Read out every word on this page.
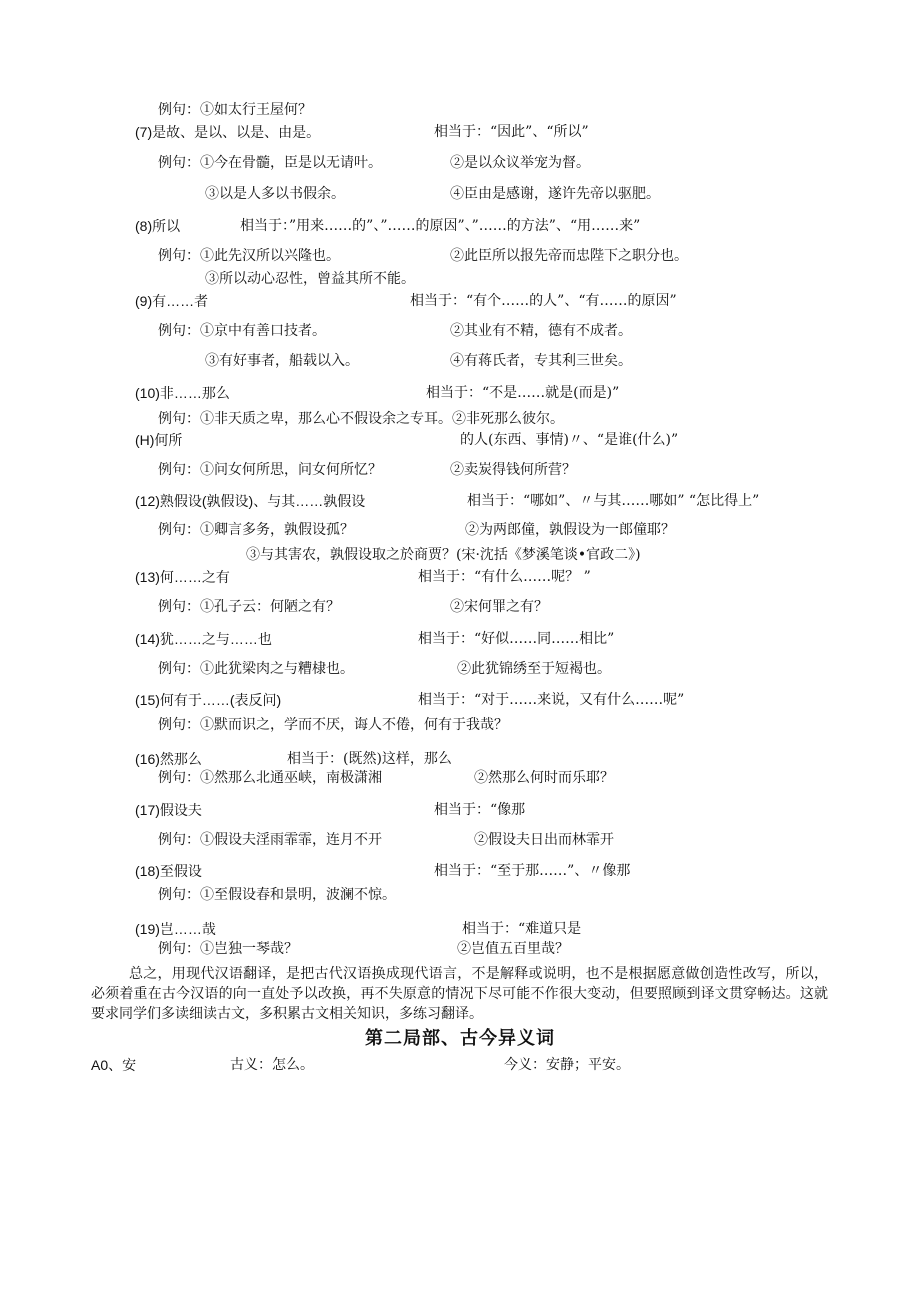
例句：①如太行王屋何？
(7)是故、是以、以是、由是。	相当于：“因此”、“所以”
例句：①今在骨髓，臣是以无请叶。	②是以众议举宠为督。
③以是人多以书假余。	④臣由是感谢，遂许先帝以驱肥。
(8)所以	相当于：”用来……的”、”……的原因”、”……的方法”、“用……来”
例句：①此先汉所以兴隆也。	②此臣所以报先帝而忠陛下之职分也。
③所以动心忍性，曾益其所不能。
(9)有……者	相当于：“有个……的人”、“有……的原因”
例句：①京中有善口技者。	②其业有不精，德有不成者。
③有好事者，船载以入。	④有蒋氏者，专其利三世矣。
(10)非……那么	相当于：“不是……就是(而是)”
例句：①非天质之卑，那么心不假设余之专耳。②非死那么彼尔。
(H)何所	的人(东西、事情)〃、“是谁(什么)”
例句：①问女何所思，问女何所忆？	②卖炭得钱何所营？
(12)熟假设(孰假设)、与其……孰假设	相当于：“哪如”、〃与其……哪如” “怎比得上”
例句：①卿言多务，孰假设孤？	②为两郎僮，孰假设为一郎僮耶？
③与其害农，孰假设取之於商贾？(宋·沈括《梦溪笔谈•官政二》)
(13)何……之有	相当于：“有什么……呢？ ”
例句：①孔子云：何陋之有？	②宋何罪之有？
(14)犹……之与……也	相当于：“好似……同……相比”
例句：①此犹梁肉之与糟棣也。	②此犹锦绣至于短褐也。
(15)何有于……(表反问)	相当于：“对于……来说，又有什么……呢”
例句：①默而识之，学而不厌，诲人不倦，何有于我哉？
(16)然那么	相当于：(既然)这样，那么
例句：①然那么北通巫峡，南极潇湘	②然那么何时而乐耶？
(17)假设夫	相当于：“像那
例句：①假设夫淫雨霏霏，连月不开	②假设夫日出而林霏开
(18)至假设	相当于：“至于那……”、〃像那
例句：①至假设春和景明，波澜不惊。
(19)岂……哉	相当于：“难道只是
例句：①岂独一琴哉？	②岂值五百里哉？
总之，用现代汉语翻译，是把古代汉语换成现代语言，不是解释或说明，也不是根据愿意做创造性改写，所以，必须着重在古今汉语的向一直处予以改换，再不失原意的情况下尽可能不作很大变动，但要照顾到译文贯穿畅达。这就要求同学们多读细读古文，多积累古文相关知识，多练习翻译。
第二局部、古今异义词
A0、安	古义：怎么。	今义：安静；平安。
